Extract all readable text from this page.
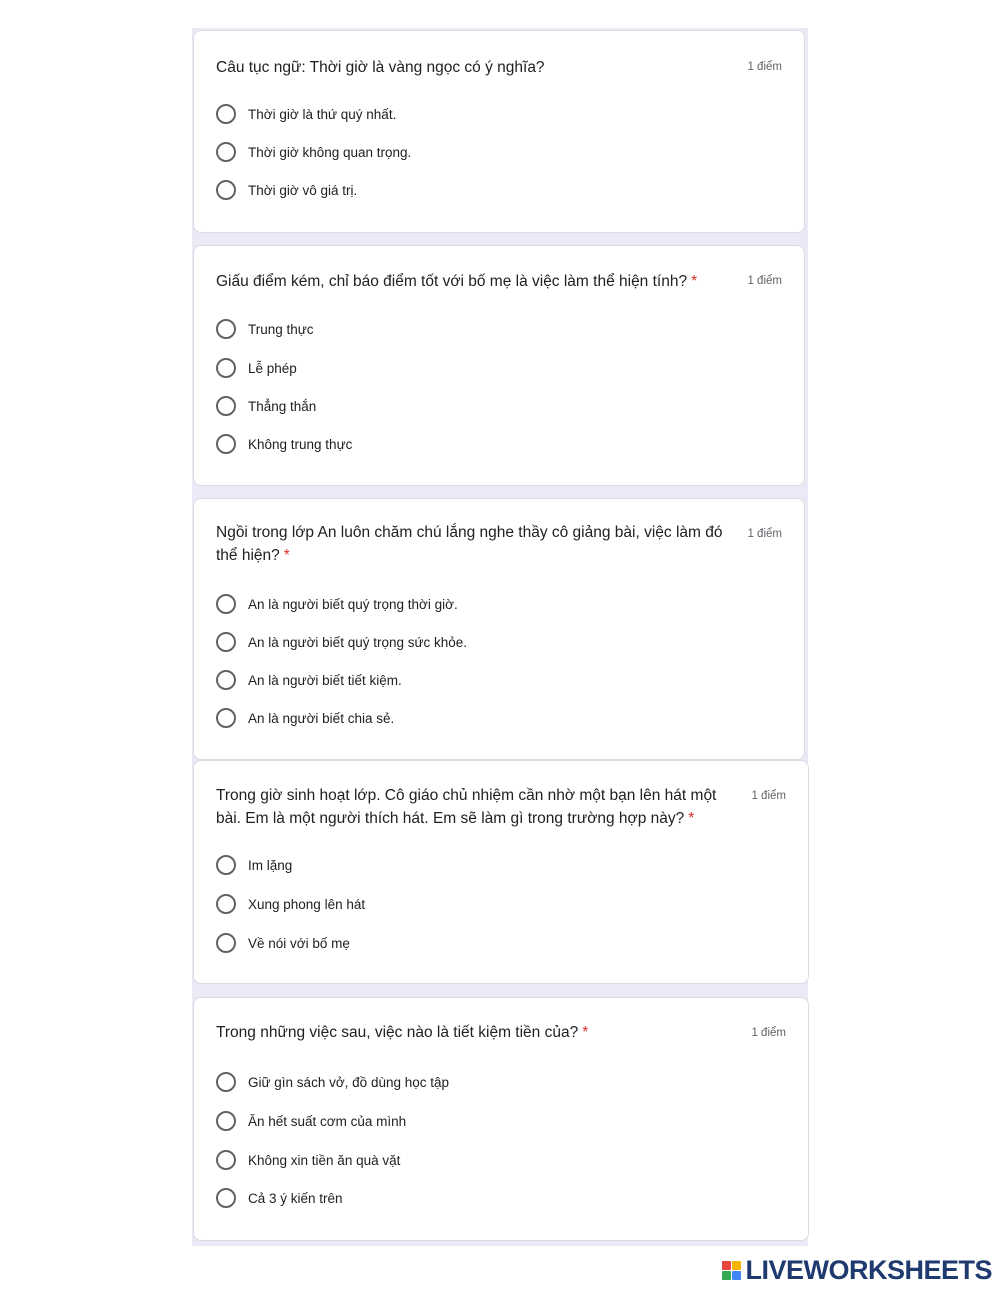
Câu tục ngữ: Thời giờ là vàng ngọc có ý nghĩa?	1 điểm
Thời giờ là thứ quý nhất.
Thời giờ không quan trọng.
Thời giờ vô giá trị.
Giấu điểm kém, chỉ báo điểm tốt với bố mẹ là việc làm thể hiện tính? *	1 điểm
Trung thực
Lễ phép
Thẳng thắn
Không trung thực
Ngồi trong lớp An luôn chăm chú lắng nghe thầy cô giảng bài, việc làm đó
thể hiện? *
1 điểm
An là người biết quý trọng thời giờ.
An là người biết quý trọng sức khỏe.
An là người biết tiết kiệm.
An là người biết chia sẻ.
Trong giờ sinh hoạt lớp. Cô giáo chủ nhiệm cần nhờ một bạn lên hát một
bài. Em là một người thích hát. Em sẽ làm gì trong trường hợp này? *
1 điểm
Im lặng
Xung phong lên hát
Về nói với bố mẹ
Trong những việc sau, việc nào là tiết kiệm tiền của? *	1 điểm
Giữ gìn sách vở, đồ dùng học tập
Ăn hết suất cơm của mình
Không xin tiền ăn quà vặt
Cả 3 ý kiến trên
LIVEWORKSHEETS
